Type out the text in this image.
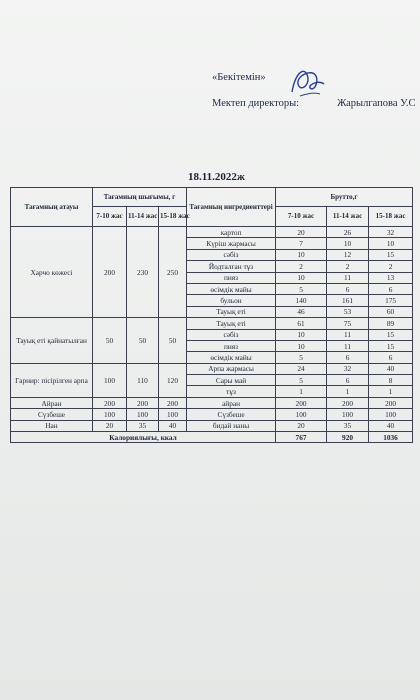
«Бекітемін»
Мектеп директоры:	Жарылгапова У.С
18.11.2022ж
Тағамның атауы	Тағамның шығымы, г			Тағамның ингредиенттері	Брутто,г		
	7-10 жас	11-14 жас	15-18 жас		7-10 жас	11-14 жас	15-18 жас
Харчо көжесі	200	230	250	картоп	20	26	32
				Күріш жармасы	7	10	10
				сәбіз	10	12	15
				Йодталған тұз	2	2	2
				пияз	10	11	13
				өсімдік майы	5	6	6
				бульон	140	161	175
				Тауық еті	46	53	60
Тауық еті қайнатылған	50	50	50	Тауық еті	61	75	89
				сәбіз	10	11	15
				пияз	10	11	15
				өсімдік майы	5	6	6
Гарнир: пісірілген арпа	100	110	120	Арпа жармасы	24	32	40
				Сары май	5	6	8
				тұз	1	1	1
Айран	200	200	200	айран	200	200	200
Сүзбеше	100	100	100	Сүзбеше	100	100	100
Нан	20	35	40	бидай наны	20	35	40
Калориялығы, ккал					767	920	1036
